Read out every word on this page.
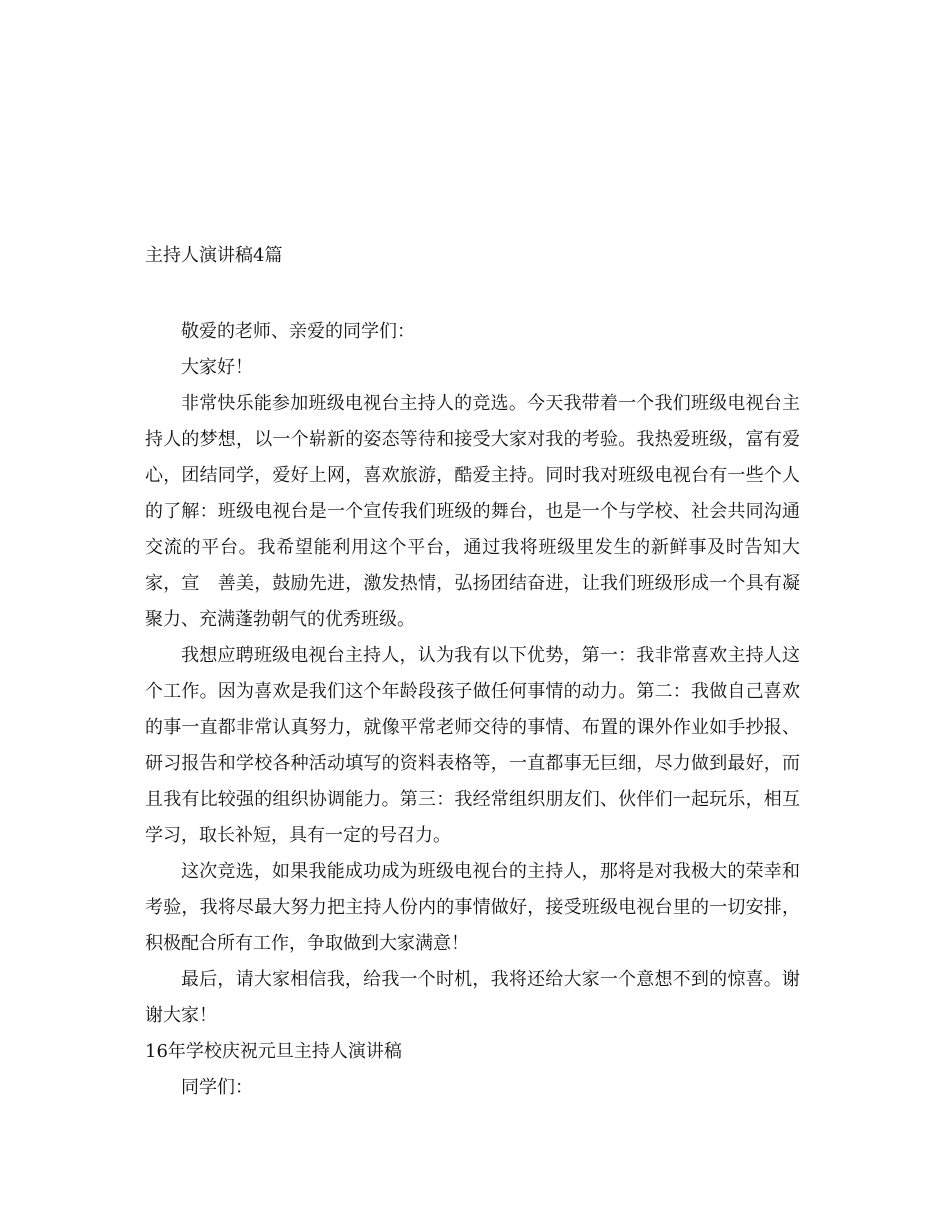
主持人演讲稿4篇

敬爱的老师、亲爱的同学们：

大家好！

非常快乐能参加班级电视台主持人的竞选。今天我带着一个我们班级电视台主持人的梦想，以一个崭新的姿态等待和接受大家对我的考验。我热爱班级，富有爱心，团结同学，爱好上网，喜欢旅游，酷爱主持。同时我对班级电视台有一些个人的了解：班级电视台是一个宣传我们班级的舞台，也是一个与学校、社会共同沟通交流的平台。我希望能利用这个平台，通过我将班级里发生的新鲜事及时告知大家，宣　善美，鼓励先进，激发热情，弘扬团结奋进，让我们班级形成一个具有凝聚力、充满蓬勃朝气的优秀班级。

我想应聘班级电视台主持人，认为我有以下优势，第一：我非常喜欢主持人这个工作。因为喜欢是我们这个年龄段孩子做任何事情的动力。第二：我做自己喜欢的事一直都非常认真努力，就像平常老师交待的事情、布置的课外作业如手抄报、研习报告和学校各种活动填写的资料表格等，一直都事无巨细，尽力做到最好，而且我有比较强的组织协调能力。第三：我经常组织朋友们、伙伴们一起玩乐，相互学习，取长补短，具有一定的号召力。

这次竞选，如果我能成功成为班级电视台的主持人，那将是对我极大的荣幸和考验，我将尽最大努力把主持人份内的事情做好，接受班级电视台里的一切安排，积极配合所有工作，争取做到大家满意！

最后，请大家相信我，给我一个时机，我将还给大家一个意想不到的惊喜。谢谢大家！

16年学校庆祝元旦主持人演讲稿

同学们：
